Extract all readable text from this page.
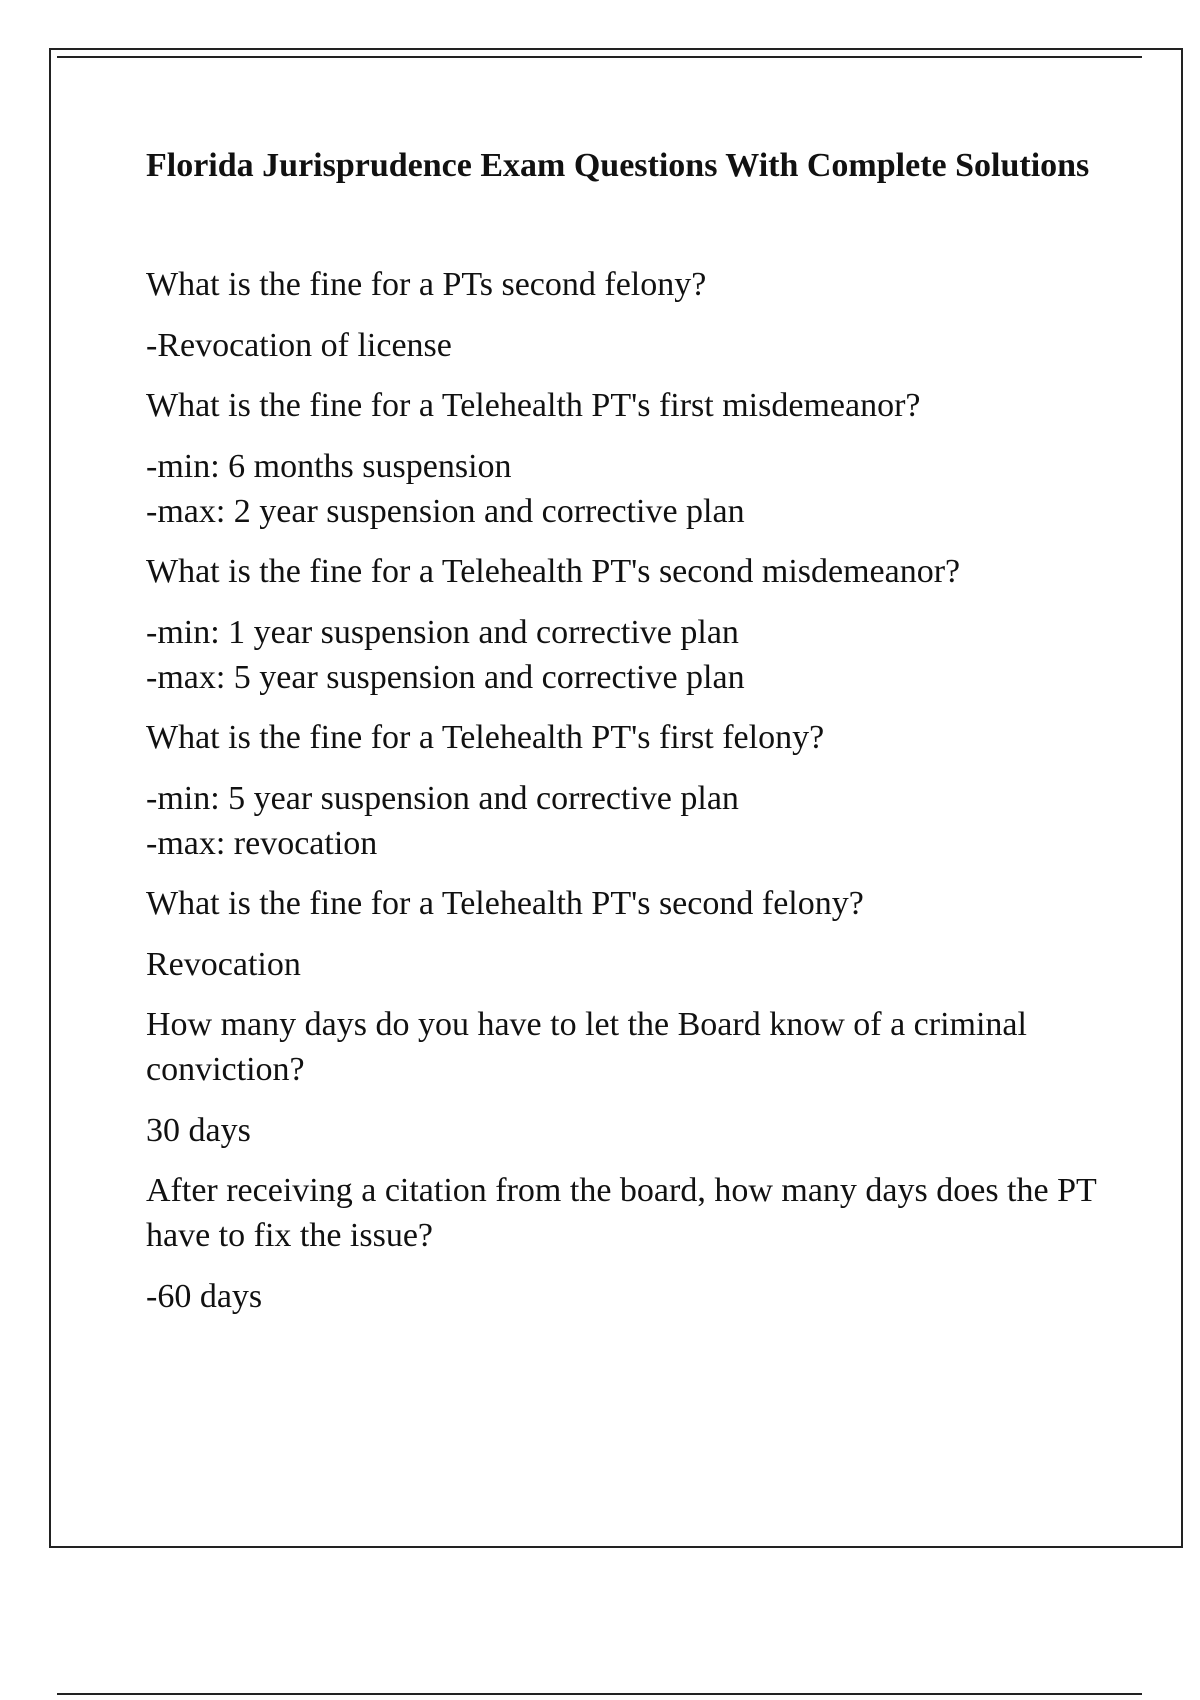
Florida Jurisprudence Exam Questions With Complete Solutions

What is the fine for a PTs second felony?

-Revocation of license

What is the fine for a Telehealth PT's first misdemeanor?

-min: 6 months suspension

-max: 2 year suspension and corrective plan

What is the fine for a Telehealth PT's second misdemeanor?

-min: 1 year suspension and corrective plan

-max: 5 year suspension and corrective plan

What is the fine for a Telehealth PT's first felony?

-min: 5 year suspension and corrective plan

-max: revocation

What is the fine for a Telehealth PT's second felony?

Revocation

How many days do you have to let the Board know of a criminal conviction?

30 days

After receiving a citation from the board, how many days does the PT have to fix the issue?

-60 days
